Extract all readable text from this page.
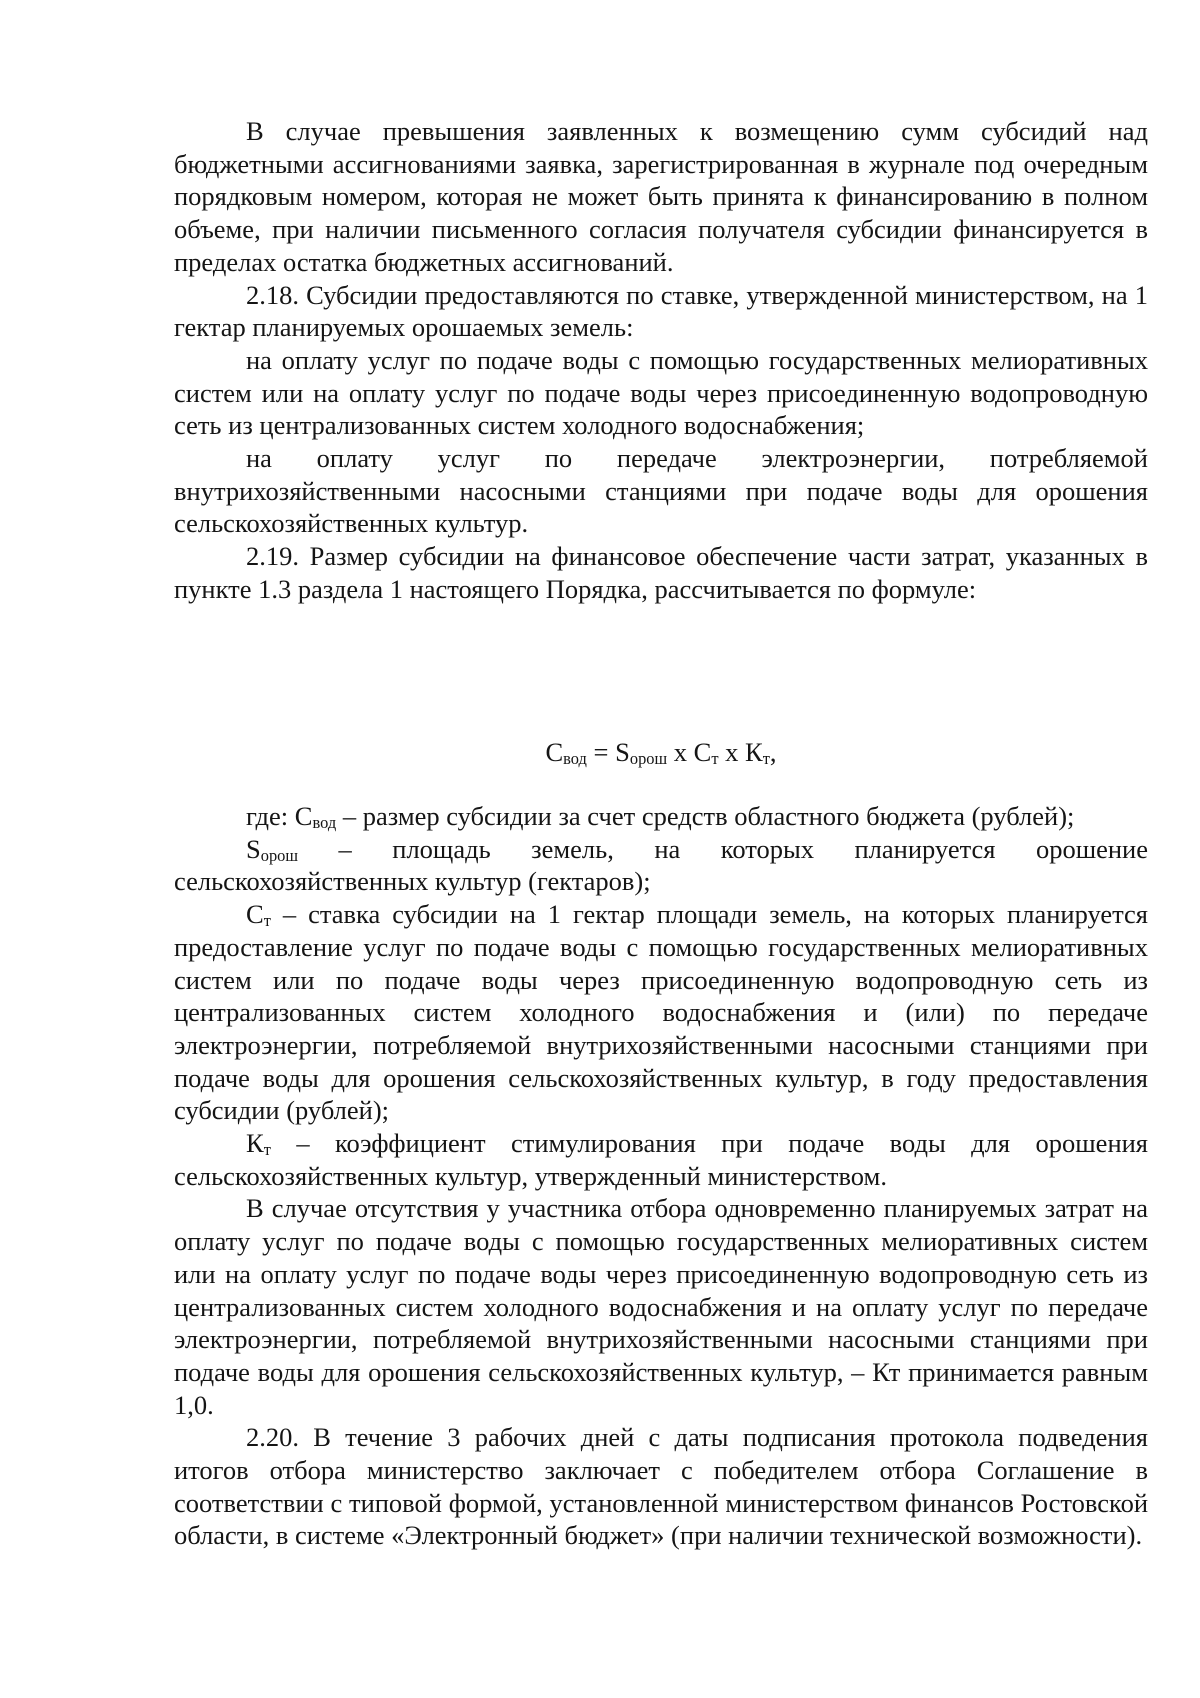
В случае превышения заявленных к возмещению сумм субсидий над бюджетными ассигнованиями заявка, зарегистрированная в журнале под очередным порядковым номером, которая не может быть принята к финансированию в полном объеме, при наличии письменного согласия получателя субсидии финансируется в пределах остатка бюджетных ассигнований.

2.18. Субсидии предоставляются по ставке, утвержденной министерством, на 1 гектар планируемых орошаемых земель:

на оплату услуг по подаче воды с помощью государственных мелиоративных систем или на оплату услуг по подаче воды через присоединенную водопроводную сеть из централизованных систем холодного водоснабжения;

на оплату услуг по передаче электроэнергии, потребляемой внутрихозяйственными насосными станциями при подаче воды для орошения сельскохозяйственных культур.

2.19. Размер субсидии на финансовое обеспечение части затрат, указанных в пункте 1.3 раздела 1 настоящего Порядка, рассчитывается по формуле:

Свод = Sорош х Ст х Кт,

где: Свод – размер субсидии за счет средств областного бюджета (рублей);

Sорош – площадь земель, на которых планируется орошение сельскохозяйственных культур (гектаров);

Ст – ставка субсидии на 1 гектар площади земель, на которых планируется предоставление услуг по подаче воды с помощью государственных мелиоративных систем или по подаче воды через присоединенную водопроводную сеть из централизованных систем холодного водоснабжения и (или) по передаче электроэнергии, потребляемой внутрихозяйственными насосными станциями при подаче воды для орошения сельскохозяйственных культур, в году предоставления субсидии (рублей);

Кт – коэффициент стимулирования при подаче воды для орошения сельскохозяйственных культур, утвержденный министерством.

В случае отсутствия у участника отбора одновременно планируемых затрат на оплату услуг по подаче воды с помощью государственных мелиоративных систем или на оплату услуг по подаче воды через присоединенную водопроводную сеть из централизованных систем холодного водоснабжения и на оплату услуг по передаче электроэнергии, потребляемой внутрихозяйственными насосными станциями при подаче воды для орошения сельскохозяйственных культур, – Кт принимается равным 1,0.

2.20. В течение 3 рабочих дней с даты подписания протокола подведения итогов отбора министерство заключает с победителем отбора Соглашение в соответствии с типовой формой, установленной министерством финансов Ростовской области, в системе «Электронный бюджет» (при наличии технической возможности).
